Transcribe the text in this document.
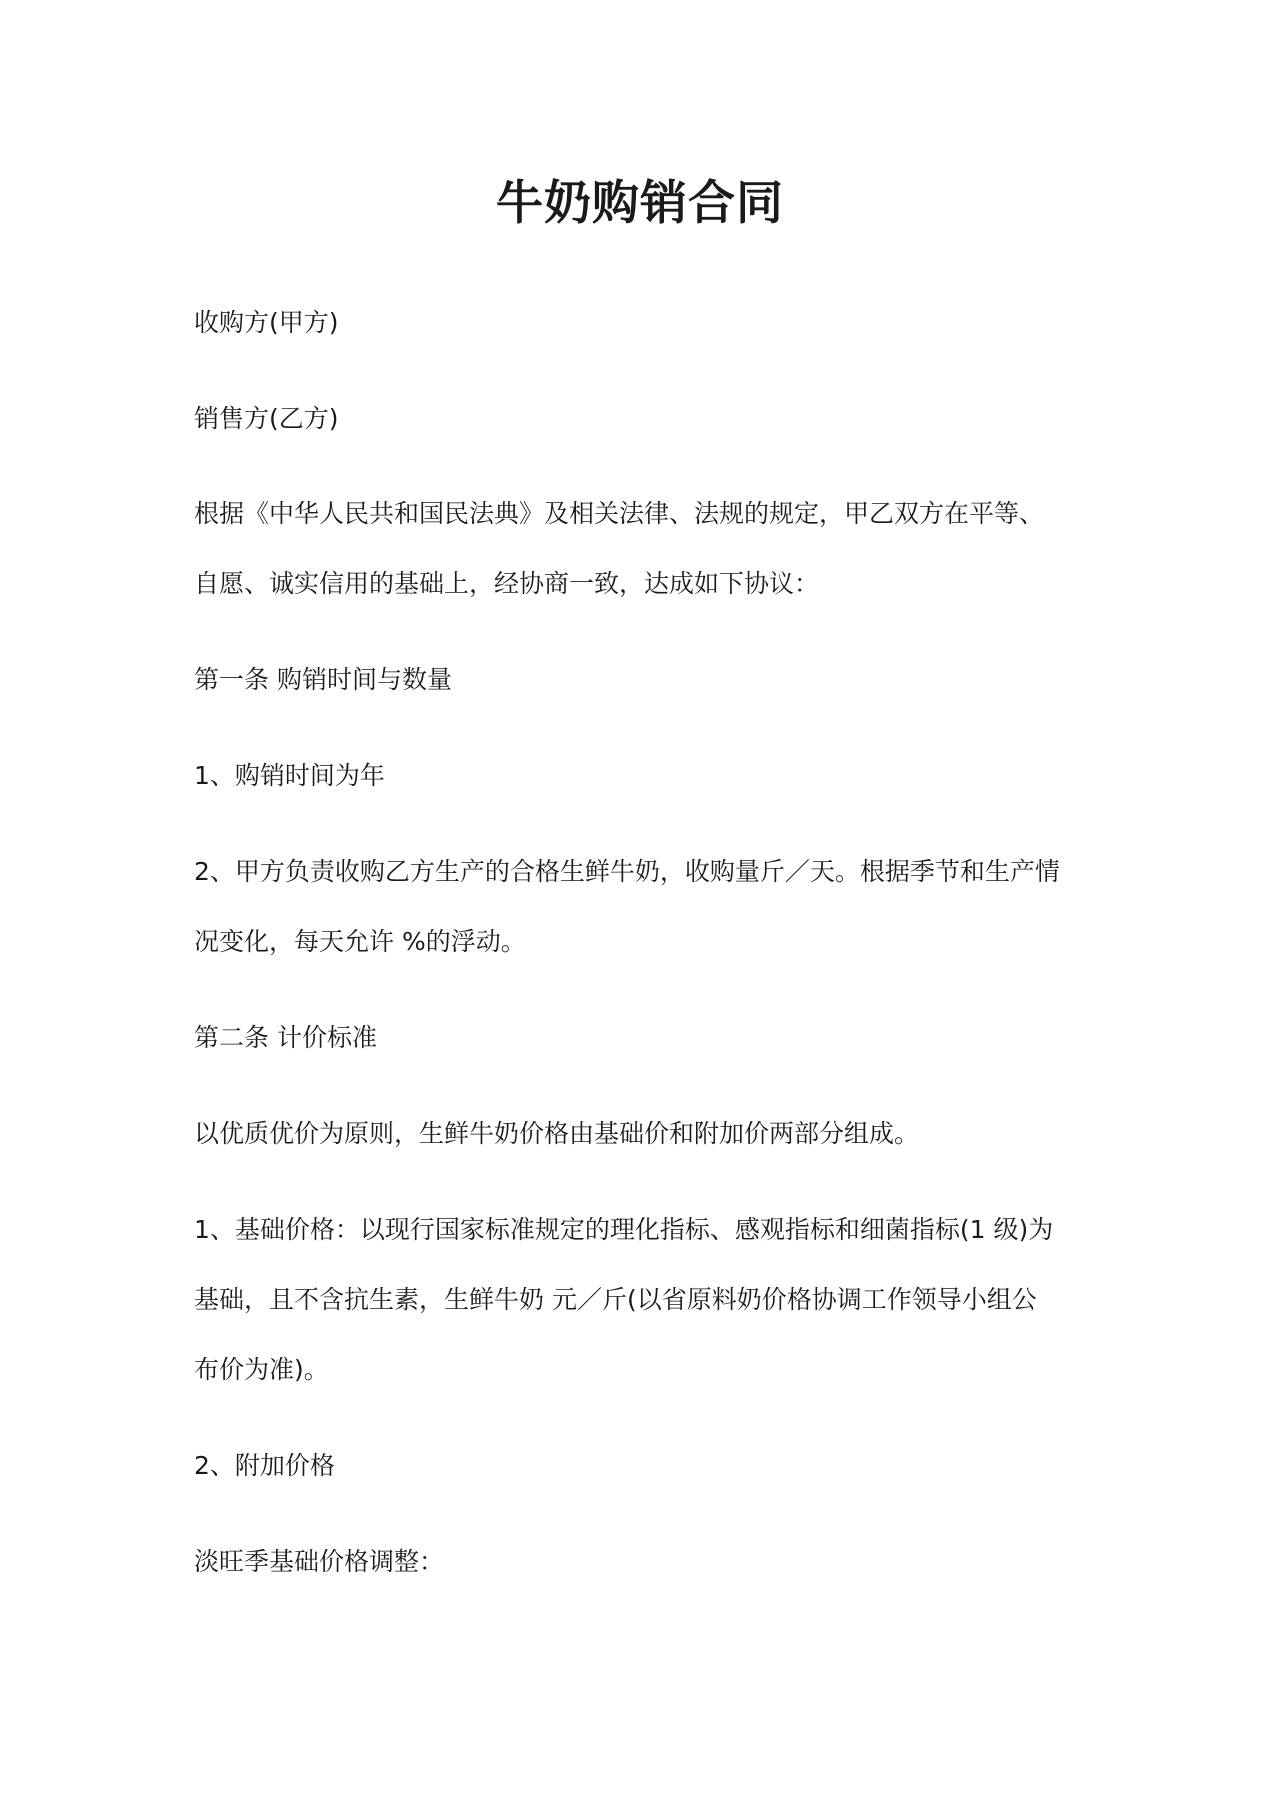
牛奶购销合同

收购方(甲方)

销售方(乙方)

根据《中华人民共和国民法典》及相关法律、法规的规定，甲乙双方在平等、

自愿、诚实信用的基础上，经协商一致，达成如下协议：

第一条 购销时间与数量

1、购销时间为年

2、甲方负责收购乙方生产的合格生鲜牛奶，收购量斤／天。根据季节和生产情

况变化，每天允许 %的浮动。

第二条 计价标准

以优质优价为原则，生鲜牛奶价格由基础价和附加价两部分组成。

1、基础价格：以现行国家标准规定的理化指标、感观指标和细菌指标(1 级)为

基础，且不含抗生素，生鲜牛奶 元／斤(以省原料奶价格协调工作领导小组公

布价为准)。

2、附加价格

淡旺季基础价格调整：
